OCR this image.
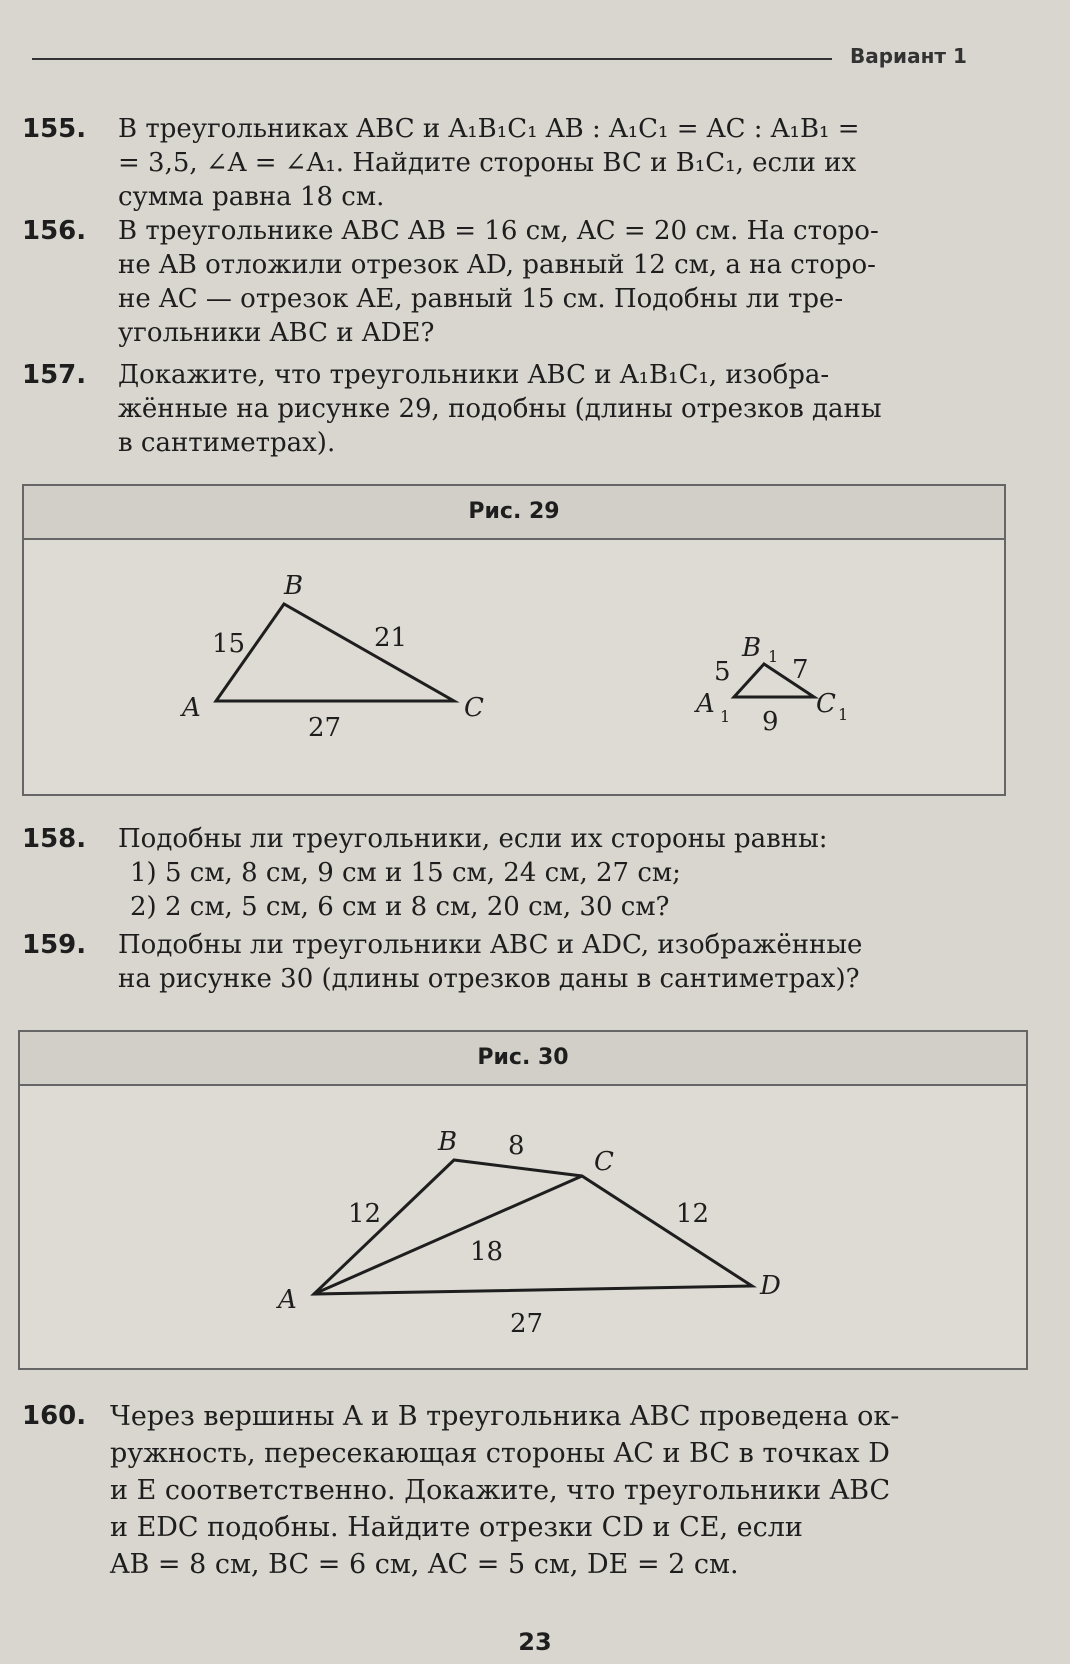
Вариант 1
155. В треугольниках ABC и A₁B₁C₁ AB : A₁C₁ = AC : A₁B₁ =
= 3,5, ∠A = ∠A₁. Найдите стороны BC и B₁C₁, если их
сумма равна 18 см.
156. В треугольнике ABC AB = 16 см, AC = 20 см. На сторо-
не AB отложили отрезок AD, равный 12 см, а на сторо-
не AC — отрезок AE, равный 15 см. Подобны ли тре-
угольники ABC и ADE?
157. Докажите, что треугольники ABC и A₁B₁C₁, изобра-
жённые на рисунке 29, подобны (длины отрезков даны
в сантиметрах).
Рис. 29
B
A	C
15	21
27
B 1
A 1	C 1
5 7
9
158. Подобны ли треугольники, если их стороны равны:
1) 5 см, 8 см, 9 см и 15 см, 24 см, 27 см;
2) 2 см, 5 см, 6 см и 8 см, 20 см, 30 см?
159. Подобны ли треугольники ABC и ADC, изображённые
на рисунке 30 (длины отрезков даны в сантиметрах)?
Рис. 30
B
C
A	D
12
8
12
18
27
160. Через вершины A и B треугольника ABC проведена ок-
ружность, пересекающая стороны AC и BC в точках D
и E соответственно. Докажите, что треугольники ABC
и EDC подобны. Найдите отрезки CD и CE, если
AB = 8 см, BC = 6 см, AC = 5 см, DE = 2 см.
23
